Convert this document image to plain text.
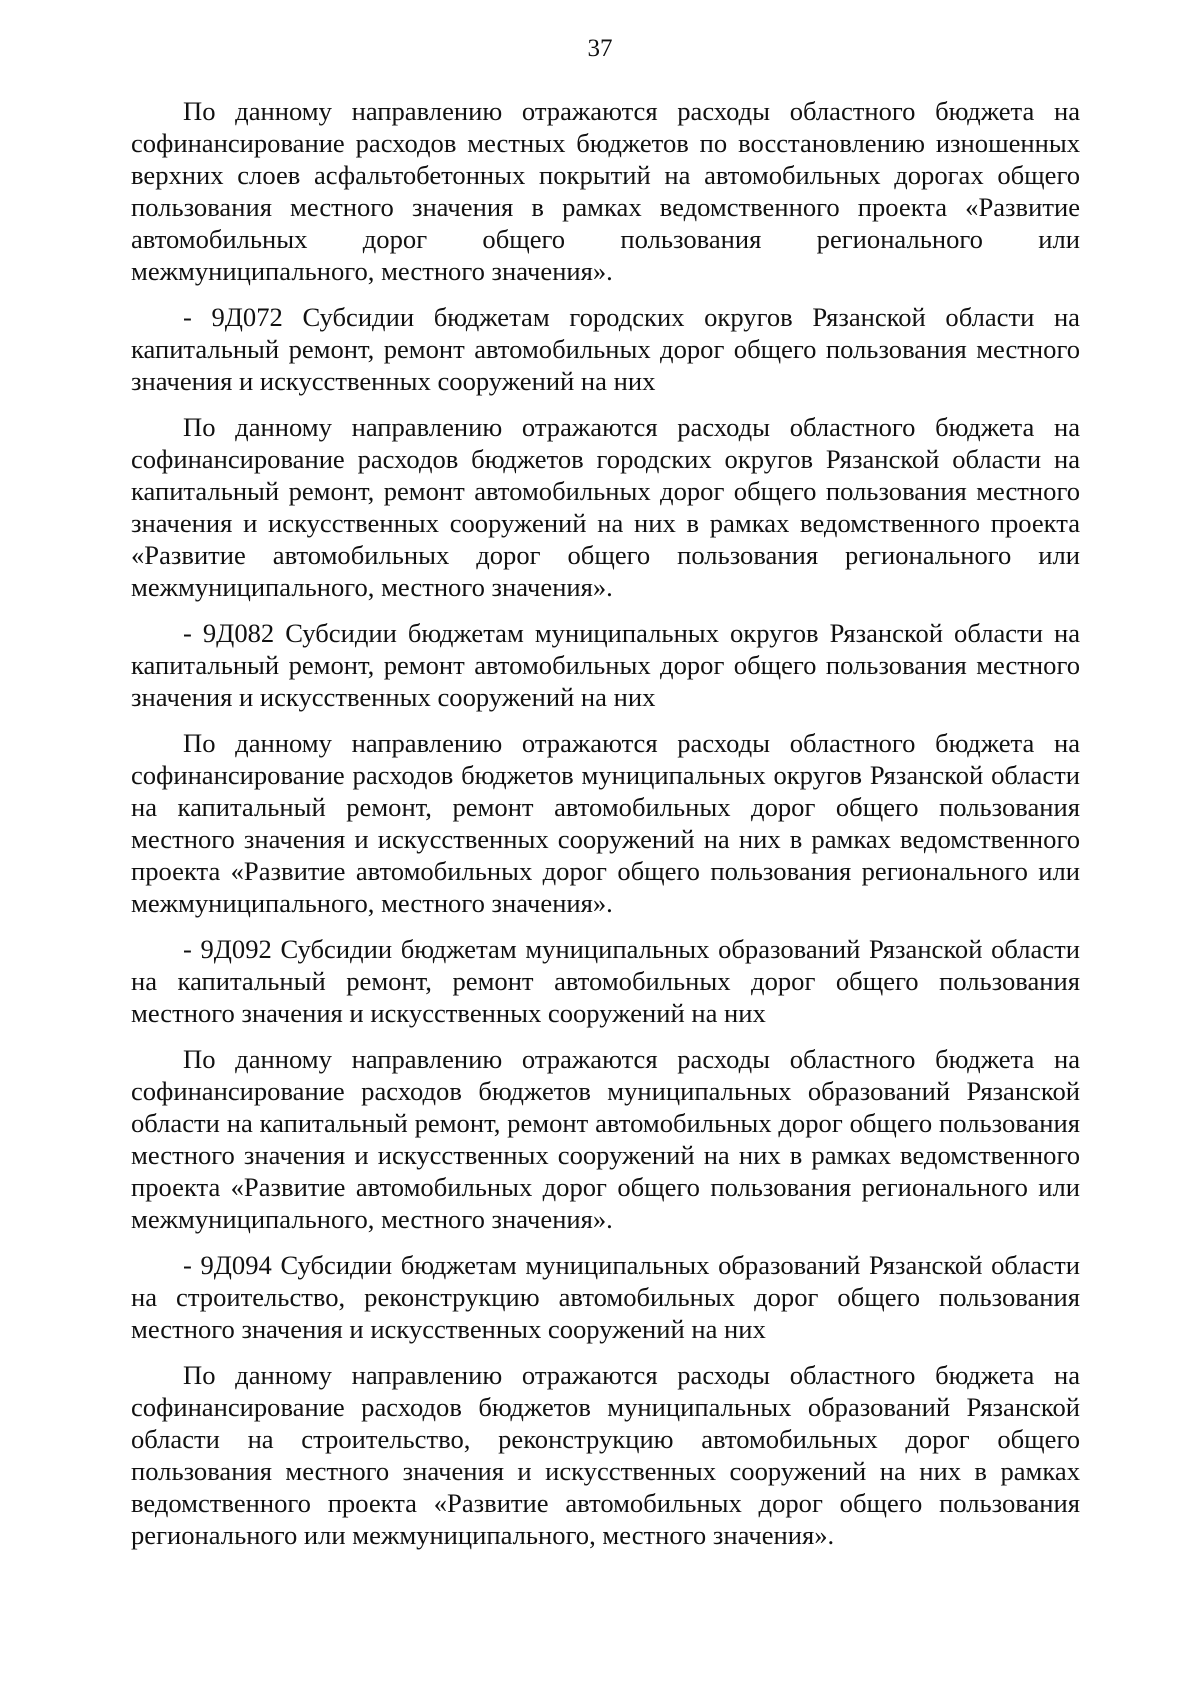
37

По данному направлению отражаются расходы областного бюджета на софинансирование расходов местных бюджетов по восстановлению изношенных верхних слоев асфальтобетонных покрытий на автомобильных дорогах общего пользования местного значения в рамках ведомственного проекта «Развитие автомобильных дорог общего пользования регионального или межмуниципального, местного значения».

- 9Д072 Субсидии бюджетам городских округов Рязанской области на капитальный ремонт, ремонт автомобильных дорог общего пользования местного значения и искусственных сооружений на них

По данному направлению отражаются расходы областного бюджета на софинансирование расходов бюджетов городских округов Рязанской области на капитальный ремонт, ремонт автомобильных дорог общего пользования местного значения и искусственных сооружений на них в рамках ведомственного проекта «Развитие автомобильных дорог общего пользования регионального или межмуниципального, местного значения».

- 9Д082 Субсидии бюджетам муниципальных округов Рязанской области на капитальный ремонт, ремонт автомобильных дорог общего пользования местного значения и искусственных сооружений на них

По данному направлению отражаются расходы областного бюджета на софинансирование расходов бюджетов муниципальных округов Рязанской области на капитальный ремонт, ремонт автомобильных дорог общего пользования местного значения и искусственных сооружений на них в рамках ведомственного проекта «Развитие автомобильных дорог общего пользования регионального или межмуниципального, местного значения».

- 9Д092 Субсидии бюджетам муниципальных образований Рязанской области на капитальный ремонт, ремонт автомобильных дорог общего пользования местного значения и искусственных сооружений на них

По данному направлению отражаются расходы областного бюджета на софинансирование расходов бюджетов муниципальных образований Рязанской области на капитальный ремонт, ремонт автомобильных дорог общего пользования местного значения и искусственных сооружений на них в рамках ведомственного проекта «Развитие автомобильных дорог общего пользования регионального или межмуниципального, местного значения».

- 9Д094 Субсидии бюджетам муниципальных образований Рязанской области на строительство, реконструкцию автомобильных дорог общего пользования местного значения и искусственных сооружений на них

По данному направлению отражаются расходы областного бюджета на софинансирование расходов бюджетов муниципальных образований Рязанской области на строительство, реконструкцию автомобильных дорог общего пользования местного значения и искусственных сооружений на них в рамках ведомственного проекта «Развитие автомобильных дорог общего пользования регионального или межмуниципального, местного значения».
